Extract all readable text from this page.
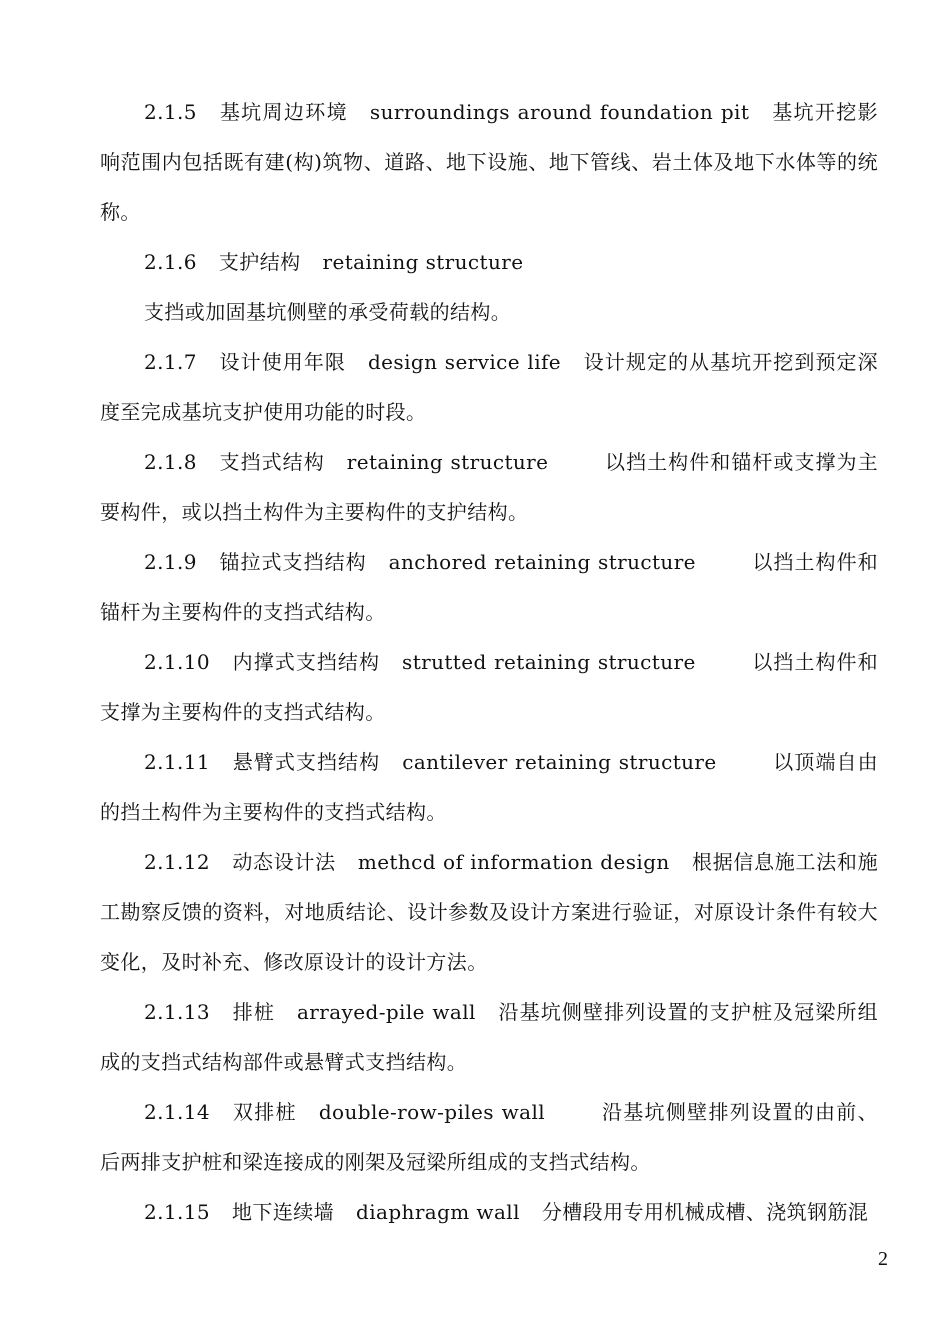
2.1.5 基坑周边环境 surroundings around foundation pit 基坑开挖影响范围内包括既有建(构)筑物、道路、地下设施、地下管线、岩土体及地下水体等的统称。

2.1.6 支护结构 retaining structure

支挡或加固基坑侧壁的承受荷载的结构。

2.1.7 设计使用年限 design service life 设计规定的从基坑开挖到预定深度至完成基坑支护使用功能的时段。

2.1.8 支挡式结构 retaining structure	以挡土构件和锚杆或支撑为主要构件，或以挡土构件为主要构件的支护结构。

2.1.9 锚拉式支挡结构 anchored retaining structure	以挡土构件和锚杆为主要构件的支挡式结构。

2.1.10 内撑式支挡结构 strutted retaining structure	以挡土构件和支撑为主要构件的支挡式结构。

2.1.11 悬臂式支挡结构 cantilever retaining structure	以顶端自由的挡土构件为主要构件的支挡式结构。

2.1.12 动态设计法 methcd of information design 根据信息施工法和施工勘察反馈的资料，对地质结论、设计参数及设计方案进行验证，对原设计条件有较大变化，及时补充、修改原设计的设计方法。

2.1.13 排桩 arrayed-pile wall 沿基坑侧壁排列设置的支护桩及冠梁所组成的支挡式结构部件或悬臂式支挡结构。

2.1.14 双排桩 double-row-piles wall	沿基坑侧壁排列设置的由前、后两排支护桩和梁连接成的刚架及冠梁所组成的支挡式结构。

2.1.15 地下连续墙 diaphragm wall 分槽段用专用机械成槽、浇筑钢筋混

2
